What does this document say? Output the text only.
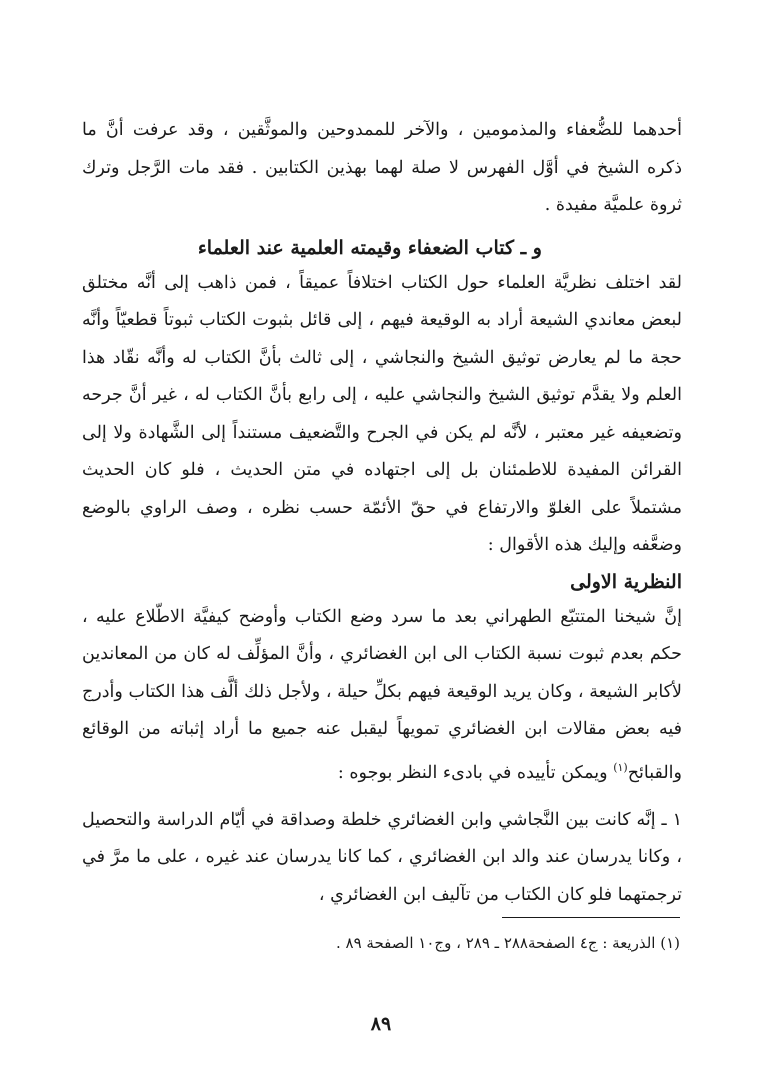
أحدهما للضُّعفاء والمذمومين ، والآخر للممدوحين والموثَّقين ، وقد عرفت أنَّ ما ذكره الشيخ في أوَّل الفهرس لا صلة لهما بهذين الكتابين . فقد مات الرَّجل وترك ثروة علميَّة مفيدة .

و ـ كتاب الضعفاء وقيمته العلمية عند العلماء

لقد اختلف نظريَّة العلماء حول الكتاب اختلافاً عميقاً ، فمن ذاهب إلى أنَّه مختلق لبعض معاندي الشيعة أراد به الوقيعة فيهم ، إلى قائل بثبوت الكتاب ثبوتاً قطعيّاً وأنَّه حجة ما لم يعارض توثيق الشيخ والنجاشي ، إلى ثالث بأنَّ الكتاب له وأنَّه نقّاد هذا العلم ولا يقدَّم توثيق الشيخ والنجاشي عليه ، إلى رابع بأنَّ الكتاب له ، غير أنَّ جرحه وتضعيفه غير معتبر ، لأنَّه لم يكن في الجرح والتَّضعيف مستنداً إلى الشَّهادة ولا إلى القرائن المفيدة للاطمئنان بل إلى اجتهاده في متن الحديث ، فلو كان الحديث مشتملاً على الغلوّ والارتفاع في حقّ الأئمّة حسب نظره ، وصف الراوي بالوضع وضعَّفه وإليك هذه الأقوال :

النظرية الاولى

إنَّ شيخنا المتتبّع الطهراني بعد ما سرد وضع الكتاب وأوضح كيفيَّة الاطّلاع عليه ، حكم بعدم ثبوت نسبة الكتاب الى ابن الغضائري ، وأنَّ المؤلِّف له كان من المعاندين لأكابر الشيعة ، وكان يريد الوقيعة فيهم بكلِّ حيلة ، ولأجل ذلك ألَّف هذا الكتاب وأدرج فيه بعض مقالات ابن الغضائري تمويهاً ليقبل عنه جميع ما أراد إثباته من الوقائع والقبائح$^{(١)}$ ويمكن تأييده في بادىء النظر بوجوه :

١ ـ إنَّه كانت بين النَّجاشي وابن الغضائري خلطة وصداقة في أيّام الدراسة والتحصيل ، وكانا يدرسان عند والد ابن الغضائري ، كما كانا يدرسان عند غيره ، على ما مرَّ في ترجمتهما فلو كان الكتاب من تآليف ابن الغضائري ،

(١) الذريعة : ج٤ الصفحة٢٨٨ ـ ٢٨٩ ، وج١٠ الصفحة ٨٩ .
٨٩
